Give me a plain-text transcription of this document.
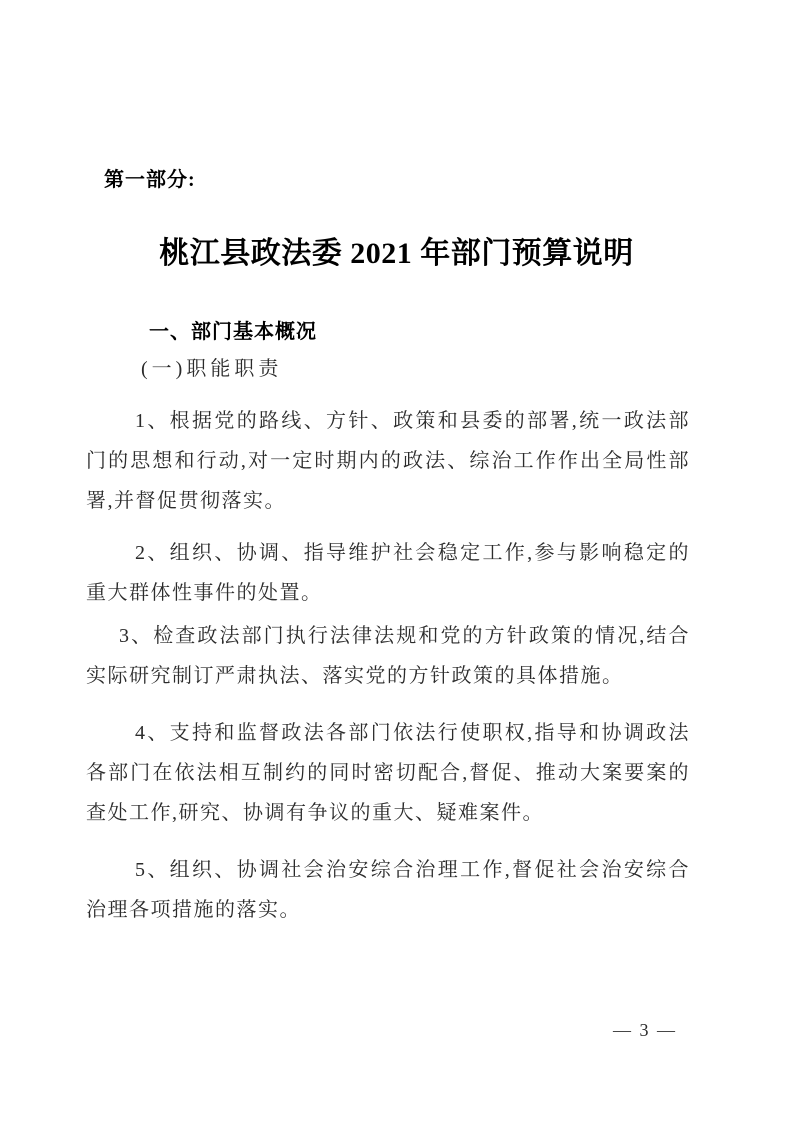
第一部分:
桃江县政法委 2021 年部门预算说明
一、部门基本概况
(一)职能职责
1、根据党的路线、方针、政策和县委的部署,统一政法部
门的思想和行动,对一定时期内的政法、综治工作作出全局性部
署,并督促贯彻落实。
2、组织、协调、指导维护社会稳定工作,参与影响稳定的
重大群体性事件的处置。
3、检查政法部门执行法律法规和党的方针政策的情况,结合
实际研究制订严肃执法、落实党的方针政策的具体措施。
4、支持和监督政法各部门依法行使职权,指导和协调政法
各部门在依法相互制约的同时密切配合,督促、推动大案要案的
查处工作,研究、协调有争议的重大、疑难案件。
5、组织、协调社会治安综合治理工作,督促社会治安综合
治理各项措施的落实。
— 3 —
